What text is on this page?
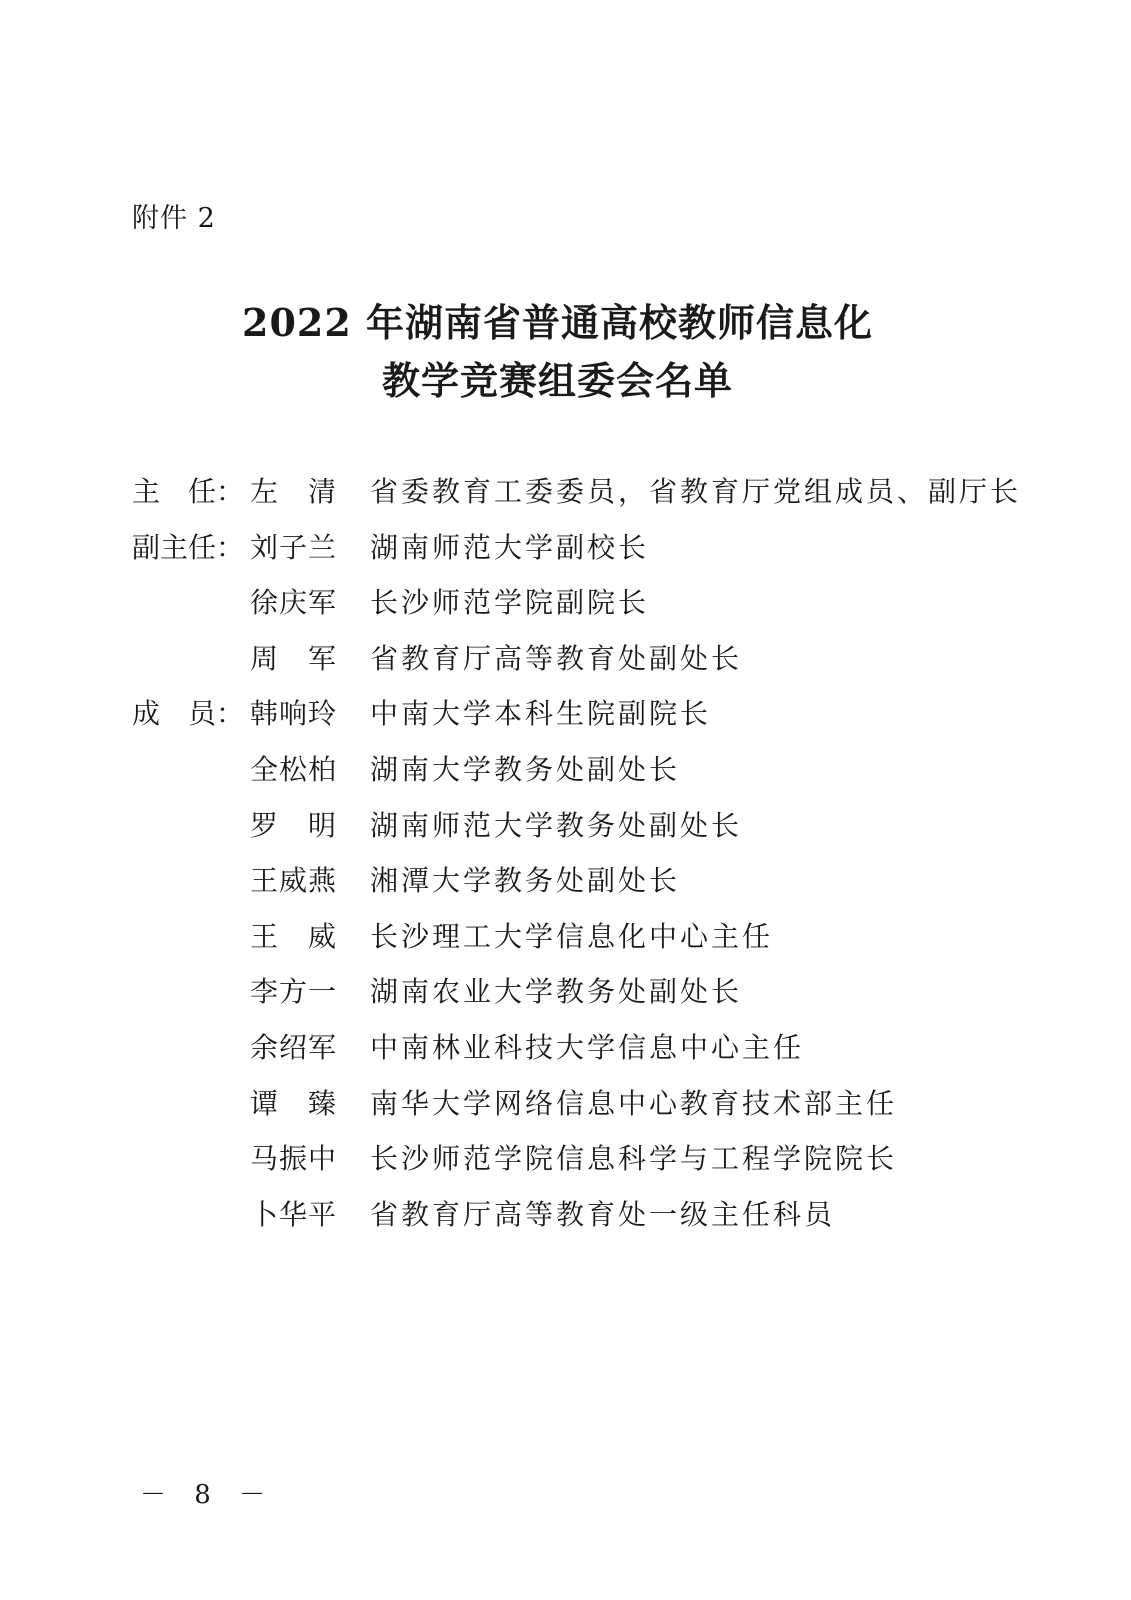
附件 2
2022 年湖南省普通高校教师信息化
教学竞赛组委会名单
主　任： 左　清 省委教育工委委员，省教育厅党组成员、副厅长
副主任： 刘子兰 湖南师范大学副校长
徐庆军 长沙师范学院副院长
周　军 省教育厅高等教育处副处长
成　员： 韩响玲 中南大学本科生院副院长
全松柏 湖南大学教务处副处长
罗　明 湖南师范大学教务处副处长
王威燕 湘潭大学教务处副处长
王　威 长沙理工大学信息化中心主任
李方一 湖南农业大学教务处副处长
余绍军 中南林业科技大学信息中心主任
谭　臻 南华大学网络信息中心教育技术部主任
马振中 长沙师范学院信息科学与工程学院院长
卜华平 省教育厅高等教育处一级主任科员
－ 8 －
